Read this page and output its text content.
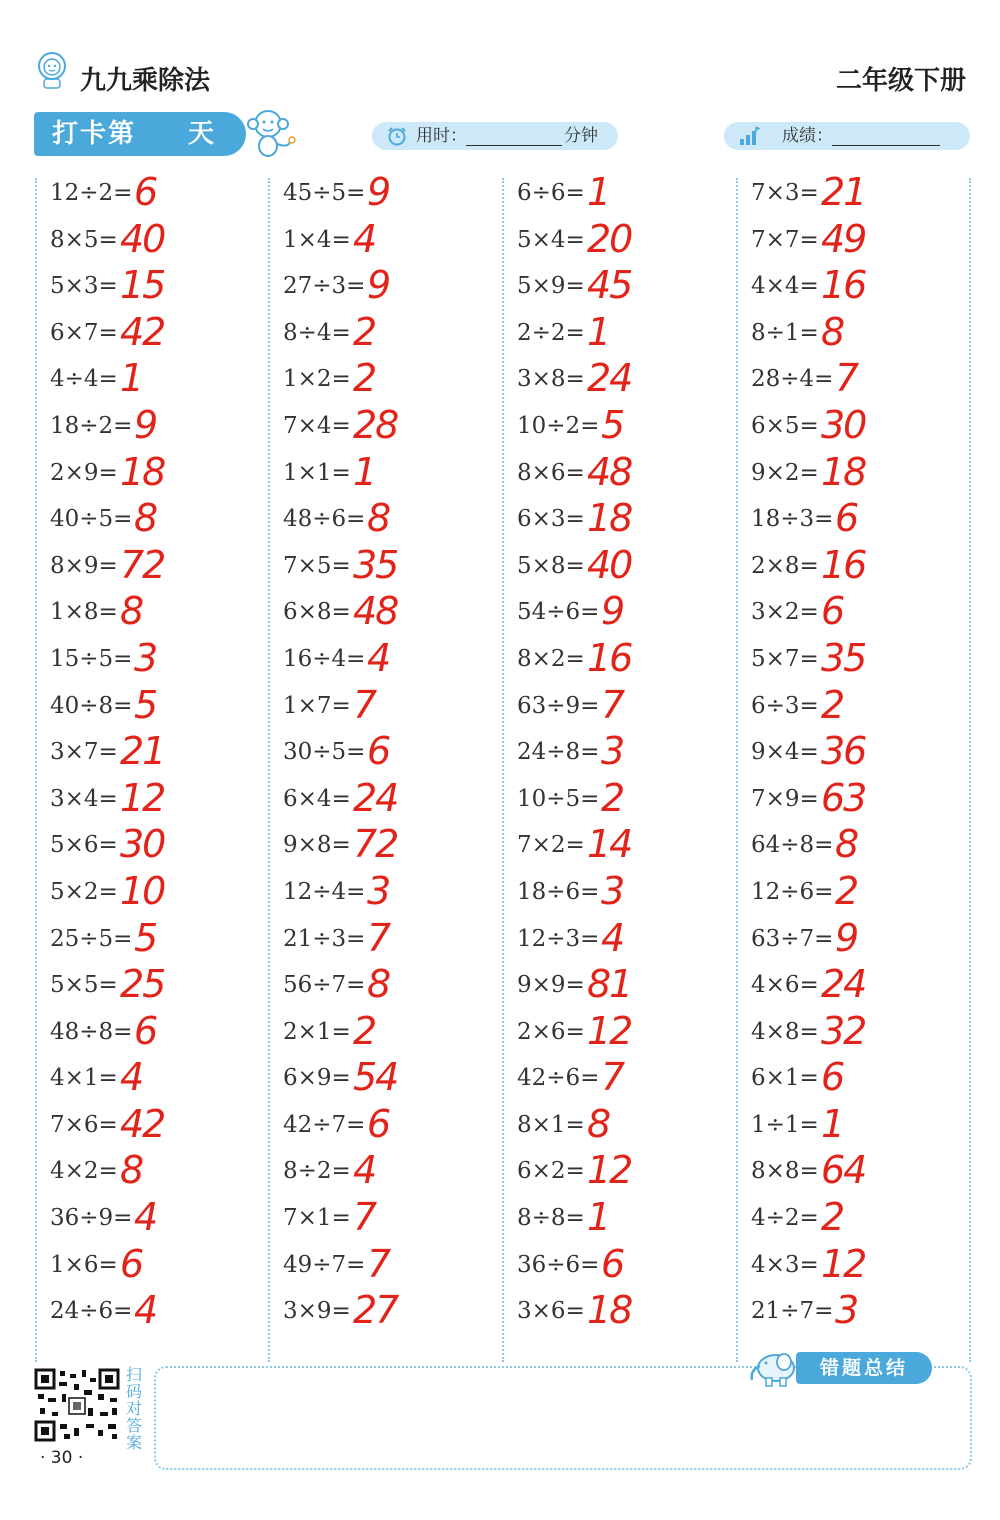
九九乘除法	二年级下册
打卡第 天	用时：	分钟	成绩：
12÷2= 6
8×5= 40
5×3= 15
6×7= 42
4÷4= 1
18÷2= 9
2×9= 18
40÷5= 8
8×9= 72
1×8= 8
15÷5= 3
40÷8= 5
3×7= 21
3×4= 12
5×6= 30
5×2= 10
25÷5= 5
5×5= 25
48÷8= 6
4×1= 4
7×6= 42
4×2= 8
36÷9= 4
1×6= 6
24÷6= 4
45÷5= 9
1×4= 4
27÷3= 9
8÷4= 2
1×2= 2
7×4= 28
1×1= 1
48÷6= 8
7×5= 35
6×8= 48
16÷4= 4
1×7= 7
30÷5= 6
6×4= 24
9×8= 72
12÷4= 3
21÷3= 7
56÷7= 8
2×1= 2
6×9= 54
42÷7= 6
8÷2= 4
7×1= 7
49÷7= 7
3×9= 27
6÷6= 1
5×4= 20
5×9= 45
2÷2= 1
3×8= 24
10÷2= 5
8×6= 48
6×3= 18
5×8= 40
54÷6= 9
8×2= 16
63÷9= 7
24÷8= 3
10÷5= 2
7×2= 14
18÷6= 3
12÷3= 4
9×9= 81
2×6= 12
42÷6= 7
8×1= 8
6×2= 12
8÷8= 1
36÷6= 6
3×6= 18
7×3= 21
7×7= 49
4×4= 16
8÷1= 8
28÷4= 7
6×5= 30
9×2= 18
18÷3= 6
2×8= 16
3×2= 6
5×7= 35
6÷3= 2
9×4= 36
7×9= 63
64÷8= 8
12÷6= 2
63÷7= 9
4×6= 24
4×8= 32
6×1= 6
1÷1= 1
8×8= 64
4÷2= 2
4×3= 12
21÷7= 3
扫
码
对
答
案
· 30 ·
错题总结
